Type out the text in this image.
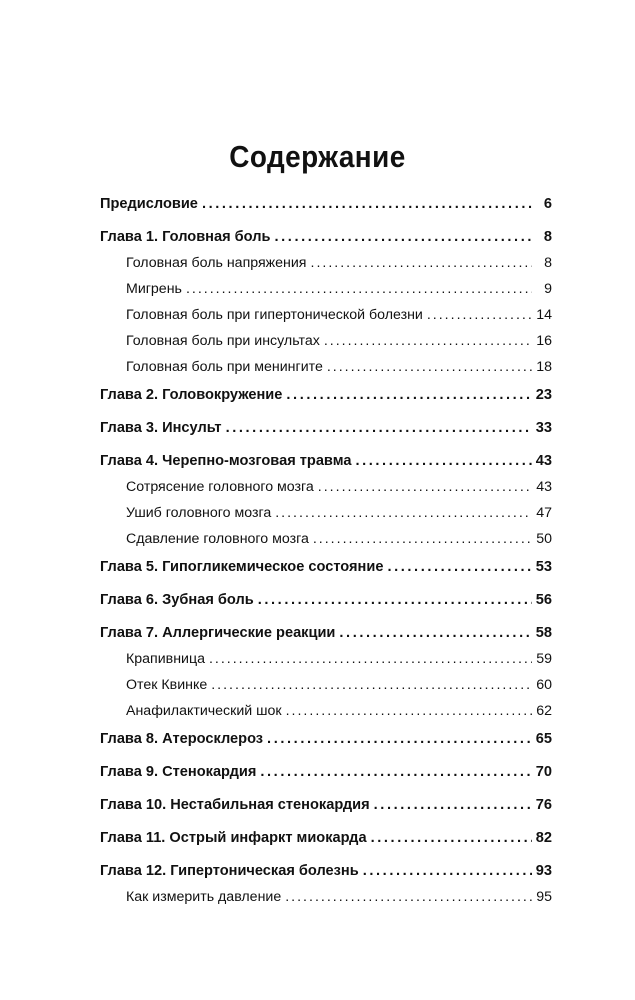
Содержание
Предисловие .....	6
Глава 1. Головная боль .....	8
Головная боль напряжения .....	8
Мигрень .....	9
Головная боль при гипертонической болезни .....	14
Головная боль при инсультах .....	16
Головная боль при менингите .....	18
Глава 2. Головокружение .....	23
Глава 3. Инсульт .....	33
Глава 4. Черепно-мозговая травма .....	43
Сотрясение головного мозга .....	43
Ушиб головного мозга .....	47
Сдавление головного мозга .....	50
Глава 5. Гипогликемическое состояние .....	53
Глава 6. Зубная боль .....	56
Глава 7. Аллергические реакции .....	58
Крапивница .....	59
Отек Квинке .....	60
Анафилактический шок .....	62
Глава 8. Атеросклероз .....	65
Глава 9. Стенокардия .....	70
Глава 10. Нестабильная стенокардия .....	76
Глава 11. Острый инфаркт миокарда .....	82
Глава 12. Гипертоническая болезнь .....	93
Как измерить давление .....	95
